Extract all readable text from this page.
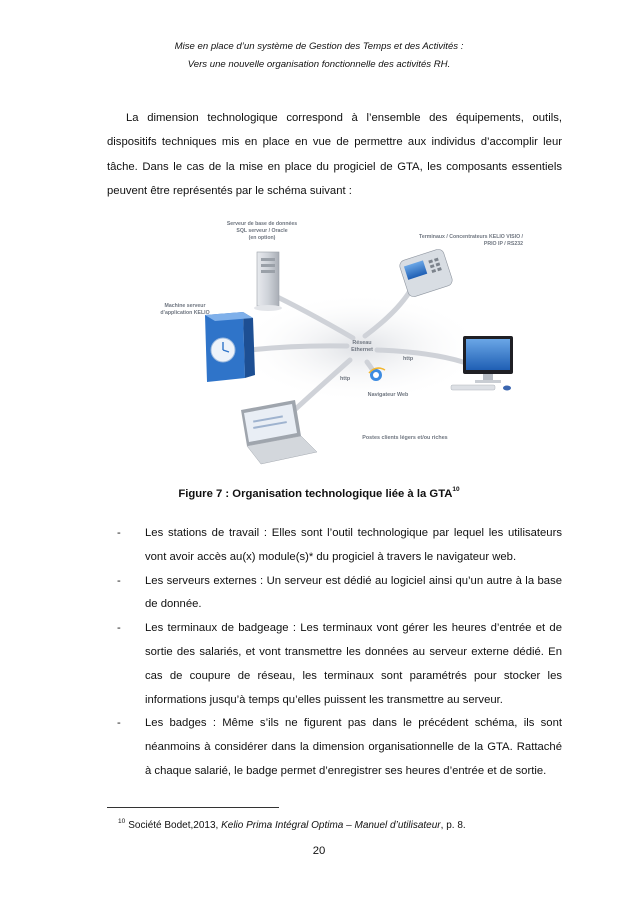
Mise en place d’un système de Gestion des Temps et des Activités :
Vers une nouvelle organisation fonctionnelle des activités RH.

La dimension technologique correspond à l’ensemble des équipements, outils, dispositifs techniques mis en place en vue de permettre aux individus d’accomplir leur tâche. Dans le cas de la mise en place du progiciel de GTA, les composants essentiels peuvent être représentés par le schéma suivant :

Serveur de base de données
SQL serveur / Oracle
(en option)	Terminaux / Concentrateurs KELIO VISIO /
PRIO IP / RS232
Machine serveur
d’application KELIO
Réseau
Ethernet
http
http
Navigateur Web
Postes clients légers et/ou riches
Figure 7 : Organisation technologique liée à la GTA$^{10}$
- Les stations de travail : Elles sont l’outil technologique par lequel les utilisateurs vont avoir accès au(x) module(s)* du progiciel à travers le navigateur web.
- Les serveurs externes : Un serveur est dédié au logiciel ainsi qu’un autre à la base de donnée.
- Les terminaux de badgeage : Les terminaux vont gérer les heures d’entrée et de sortie des salariés, et vont transmettre les données au serveur externe dédié. En cas de coupure de réseau, les terminaux sont paramétrés pour stocker les informations jusqu’à temps qu’elles puissent les transmettre au serveur.
- Les badges : Même s’ils ne figurent pas dans le précédent schéma, ils sont néanmoins à considérer dans la dimension organisationnelle de la GTA. Rattaché à chaque salarié, le badge permet d’enregistrer ses heures d’entrée et de sortie.
$^{10}$ Société Bodet,2013, Kelio Prima Intégral Optima – Manuel d’utilisateur, p. 8.
20
